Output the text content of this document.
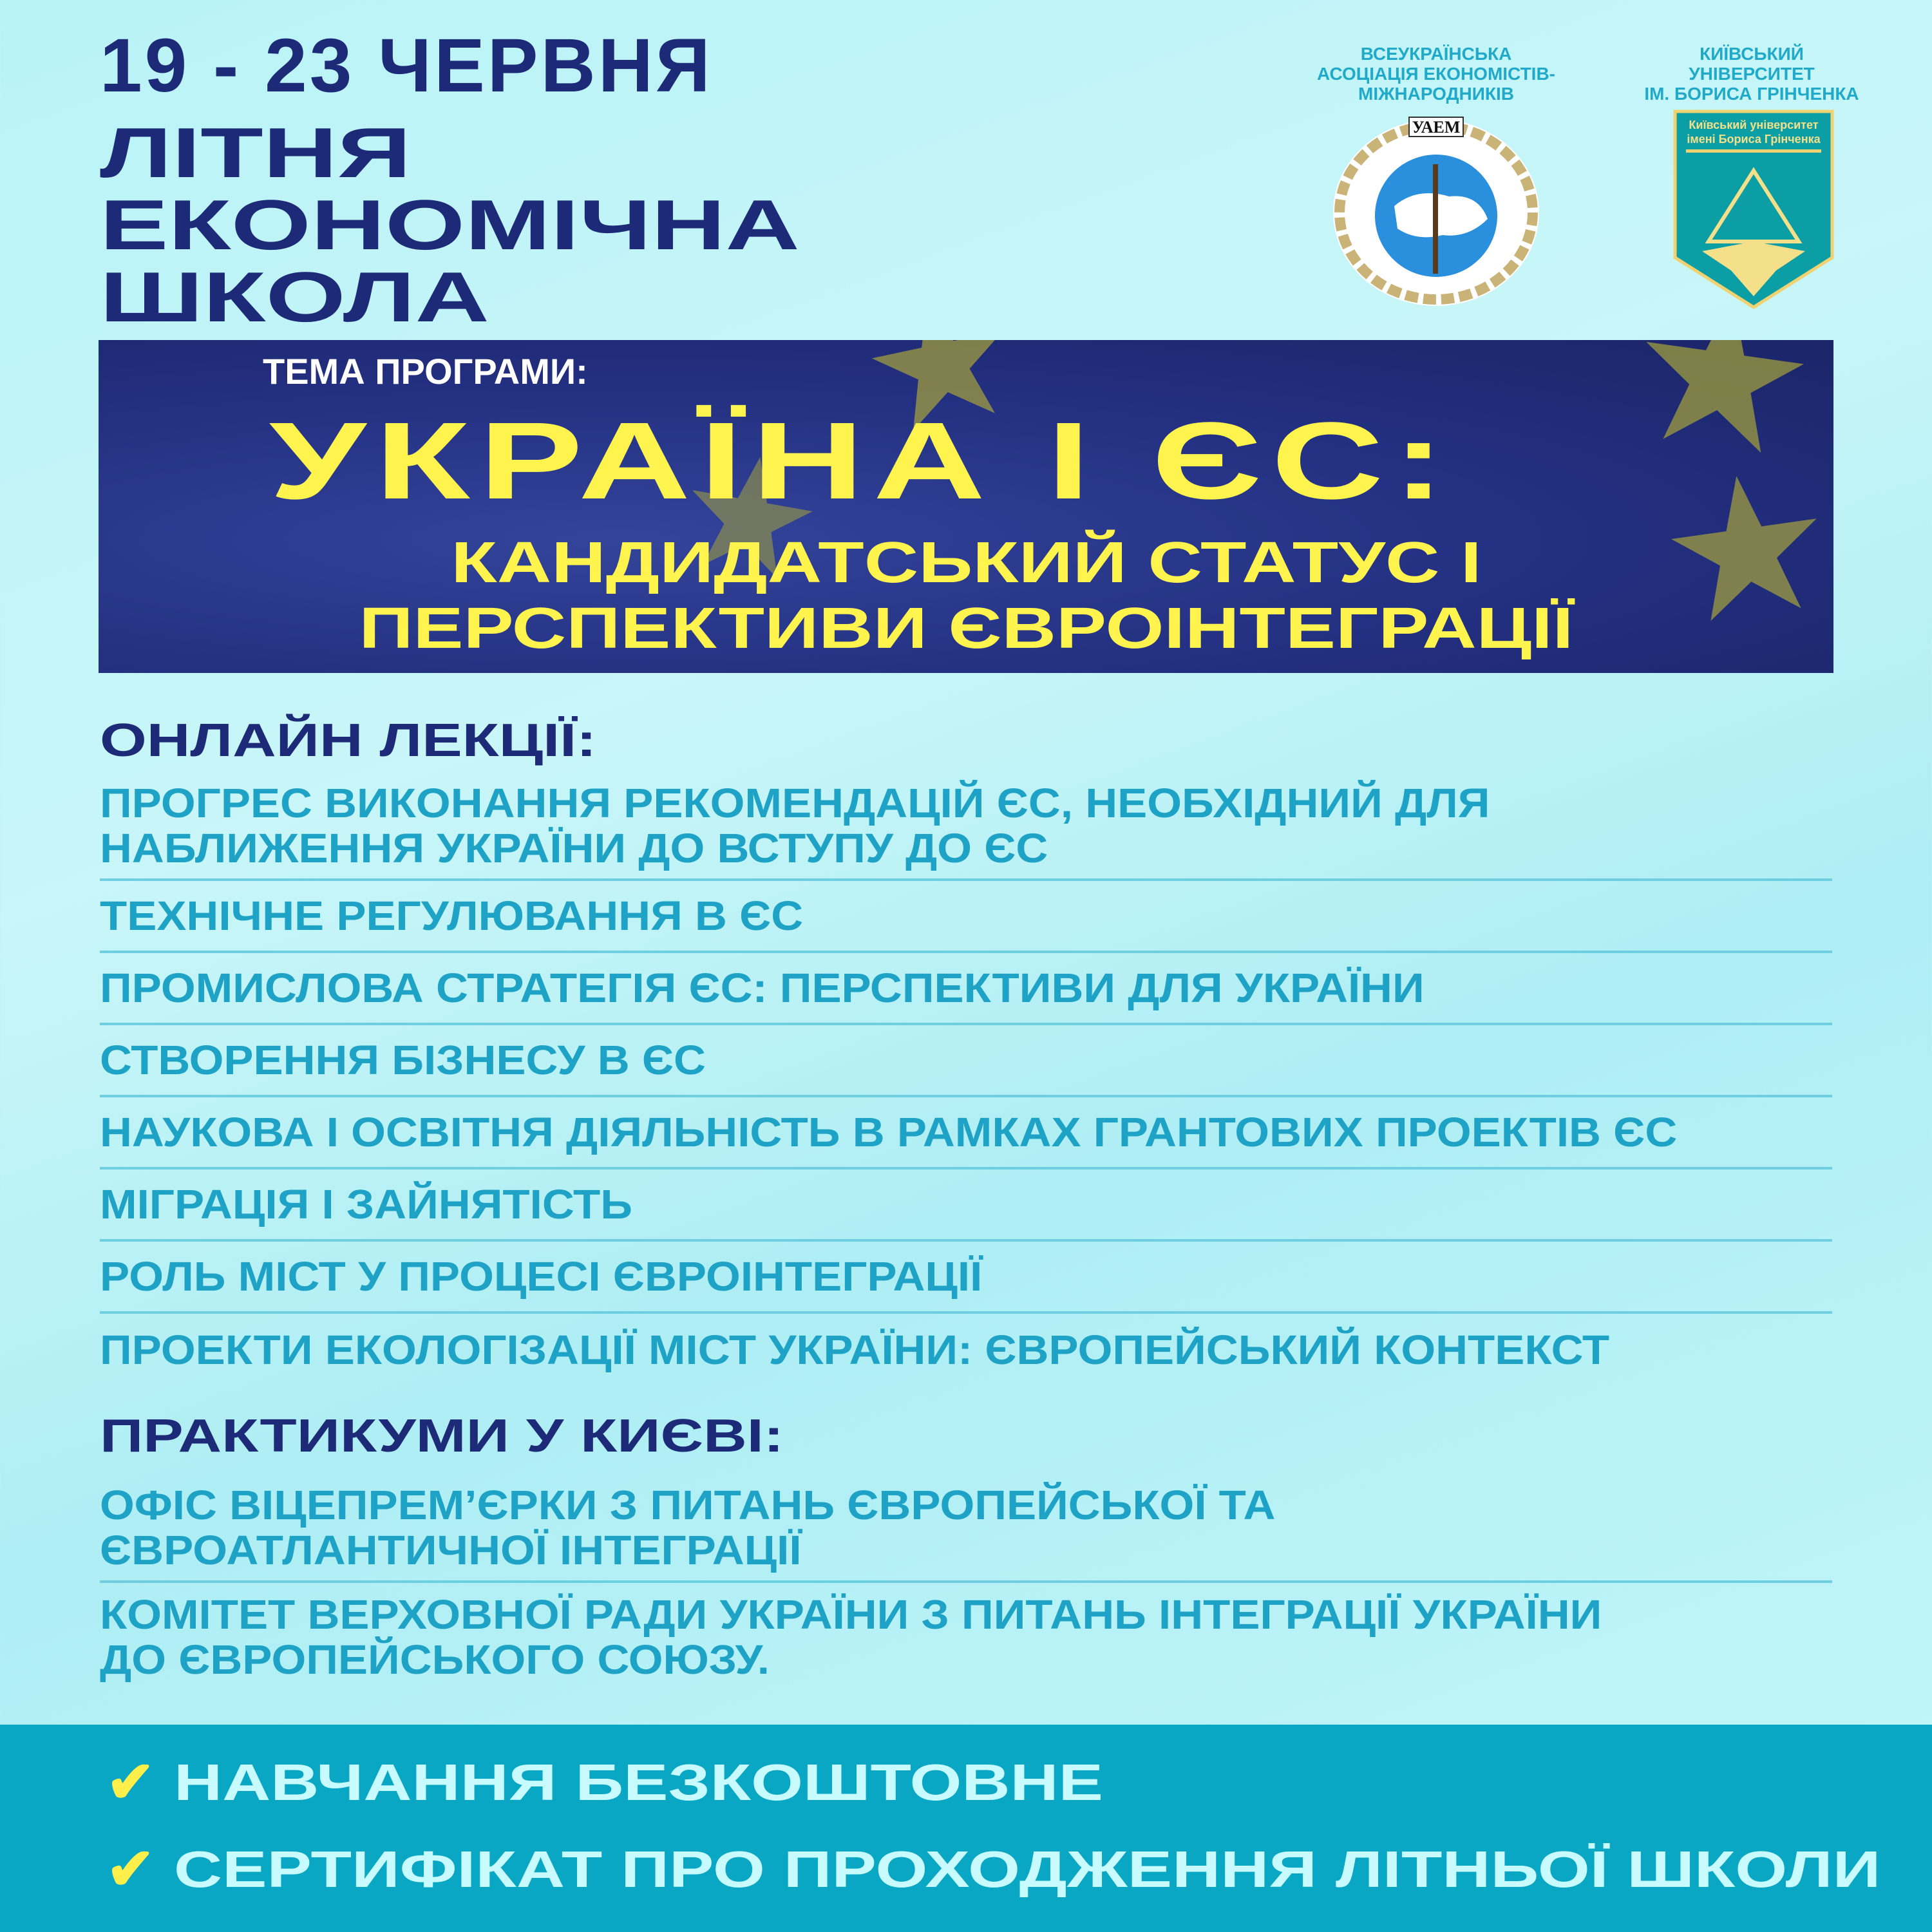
19 - 23 ЧЕРВНЯ
ЛІТНЯ
ЕКОНОМІЧНА
ШКОЛА
ВСЕУКРАЇНСЬКА
АСОЦІАЦІЯ ЕКОНОМІСТІВ-
МІЖНАРОДНИКІВ
УАЕМ
КИЇВСЬКИЙ
УНІВЕРСИТЕТ
ІМ. БОРИСА ГРІНЧЕНКА
Київський університет
імені Бориса Грінченка
ТЕМА ПРОГРАМИ:
УКРАЇНА І ЄС:
КАНДИДАТСЬКИЙ СТАТУС І
ПЕРСПЕКТИВИ ЄВРОІНТЕГРАЦІЇ
ОНЛАЙН ЛЕКЦІЇ:
ПРОГРЕС ВИКОНАННЯ РЕКОМЕНДАЦІЙ ЄС, НЕОБХІДНИЙ ДЛЯ
НАБЛИЖЕННЯ УКРАЇНИ ДО ВСТУПУ ДО ЄС
ТЕХНІЧНЕ РЕГУЛЮВАННЯ В ЄС
ПРОМИСЛОВА СТРАТЕГІЯ ЄС: ПЕРСПЕКТИВИ ДЛЯ УКРАЇНИ
СТВОРЕННЯ БІЗНЕСУ В ЄС
НАУКОВА І ОСВІТНЯ ДІЯЛЬНІСТЬ В РАМКАХ ГРАНТОВИХ ПРОЕКТІВ ЄС
МІГРАЦІЯ І ЗАЙНЯТІСТЬ
РОЛЬ МІСТ У ПРОЦЕСІ ЄВРОІНТЕГРАЦІЇ
ПРОЕКТИ ЕКОЛОГІЗАЦІЇ МІСТ УКРАЇНИ: ЄВРОПЕЙСЬКИЙ КОНТЕКСТ
ПРАКТИКУМИ У КИЄВІ:
ОФІС ВІЦЕПРЕМ’ЄРКИ З ПИТАНЬ ЄВРОПЕЙСЬКОЇ ТА
ЄВРОАТЛАНТИЧНОЇ ІНТЕГРАЦІЇ
КОМІТЕТ ВЕРХОВНОЇ РАДИ УКРАЇНИ З ПИТАНЬ ІНТЕГРАЦІЇ УКРАЇНИ
ДО ЄВРОПЕЙСЬКОГО СОЮЗУ.
✔ НАВЧАННЯ БЕЗКОШТОВНЕ
✔ СЕРТИФІКАТ ПРО ПРОХОДЖЕННЯ ЛІТНЬОЇ ШКОЛИ
